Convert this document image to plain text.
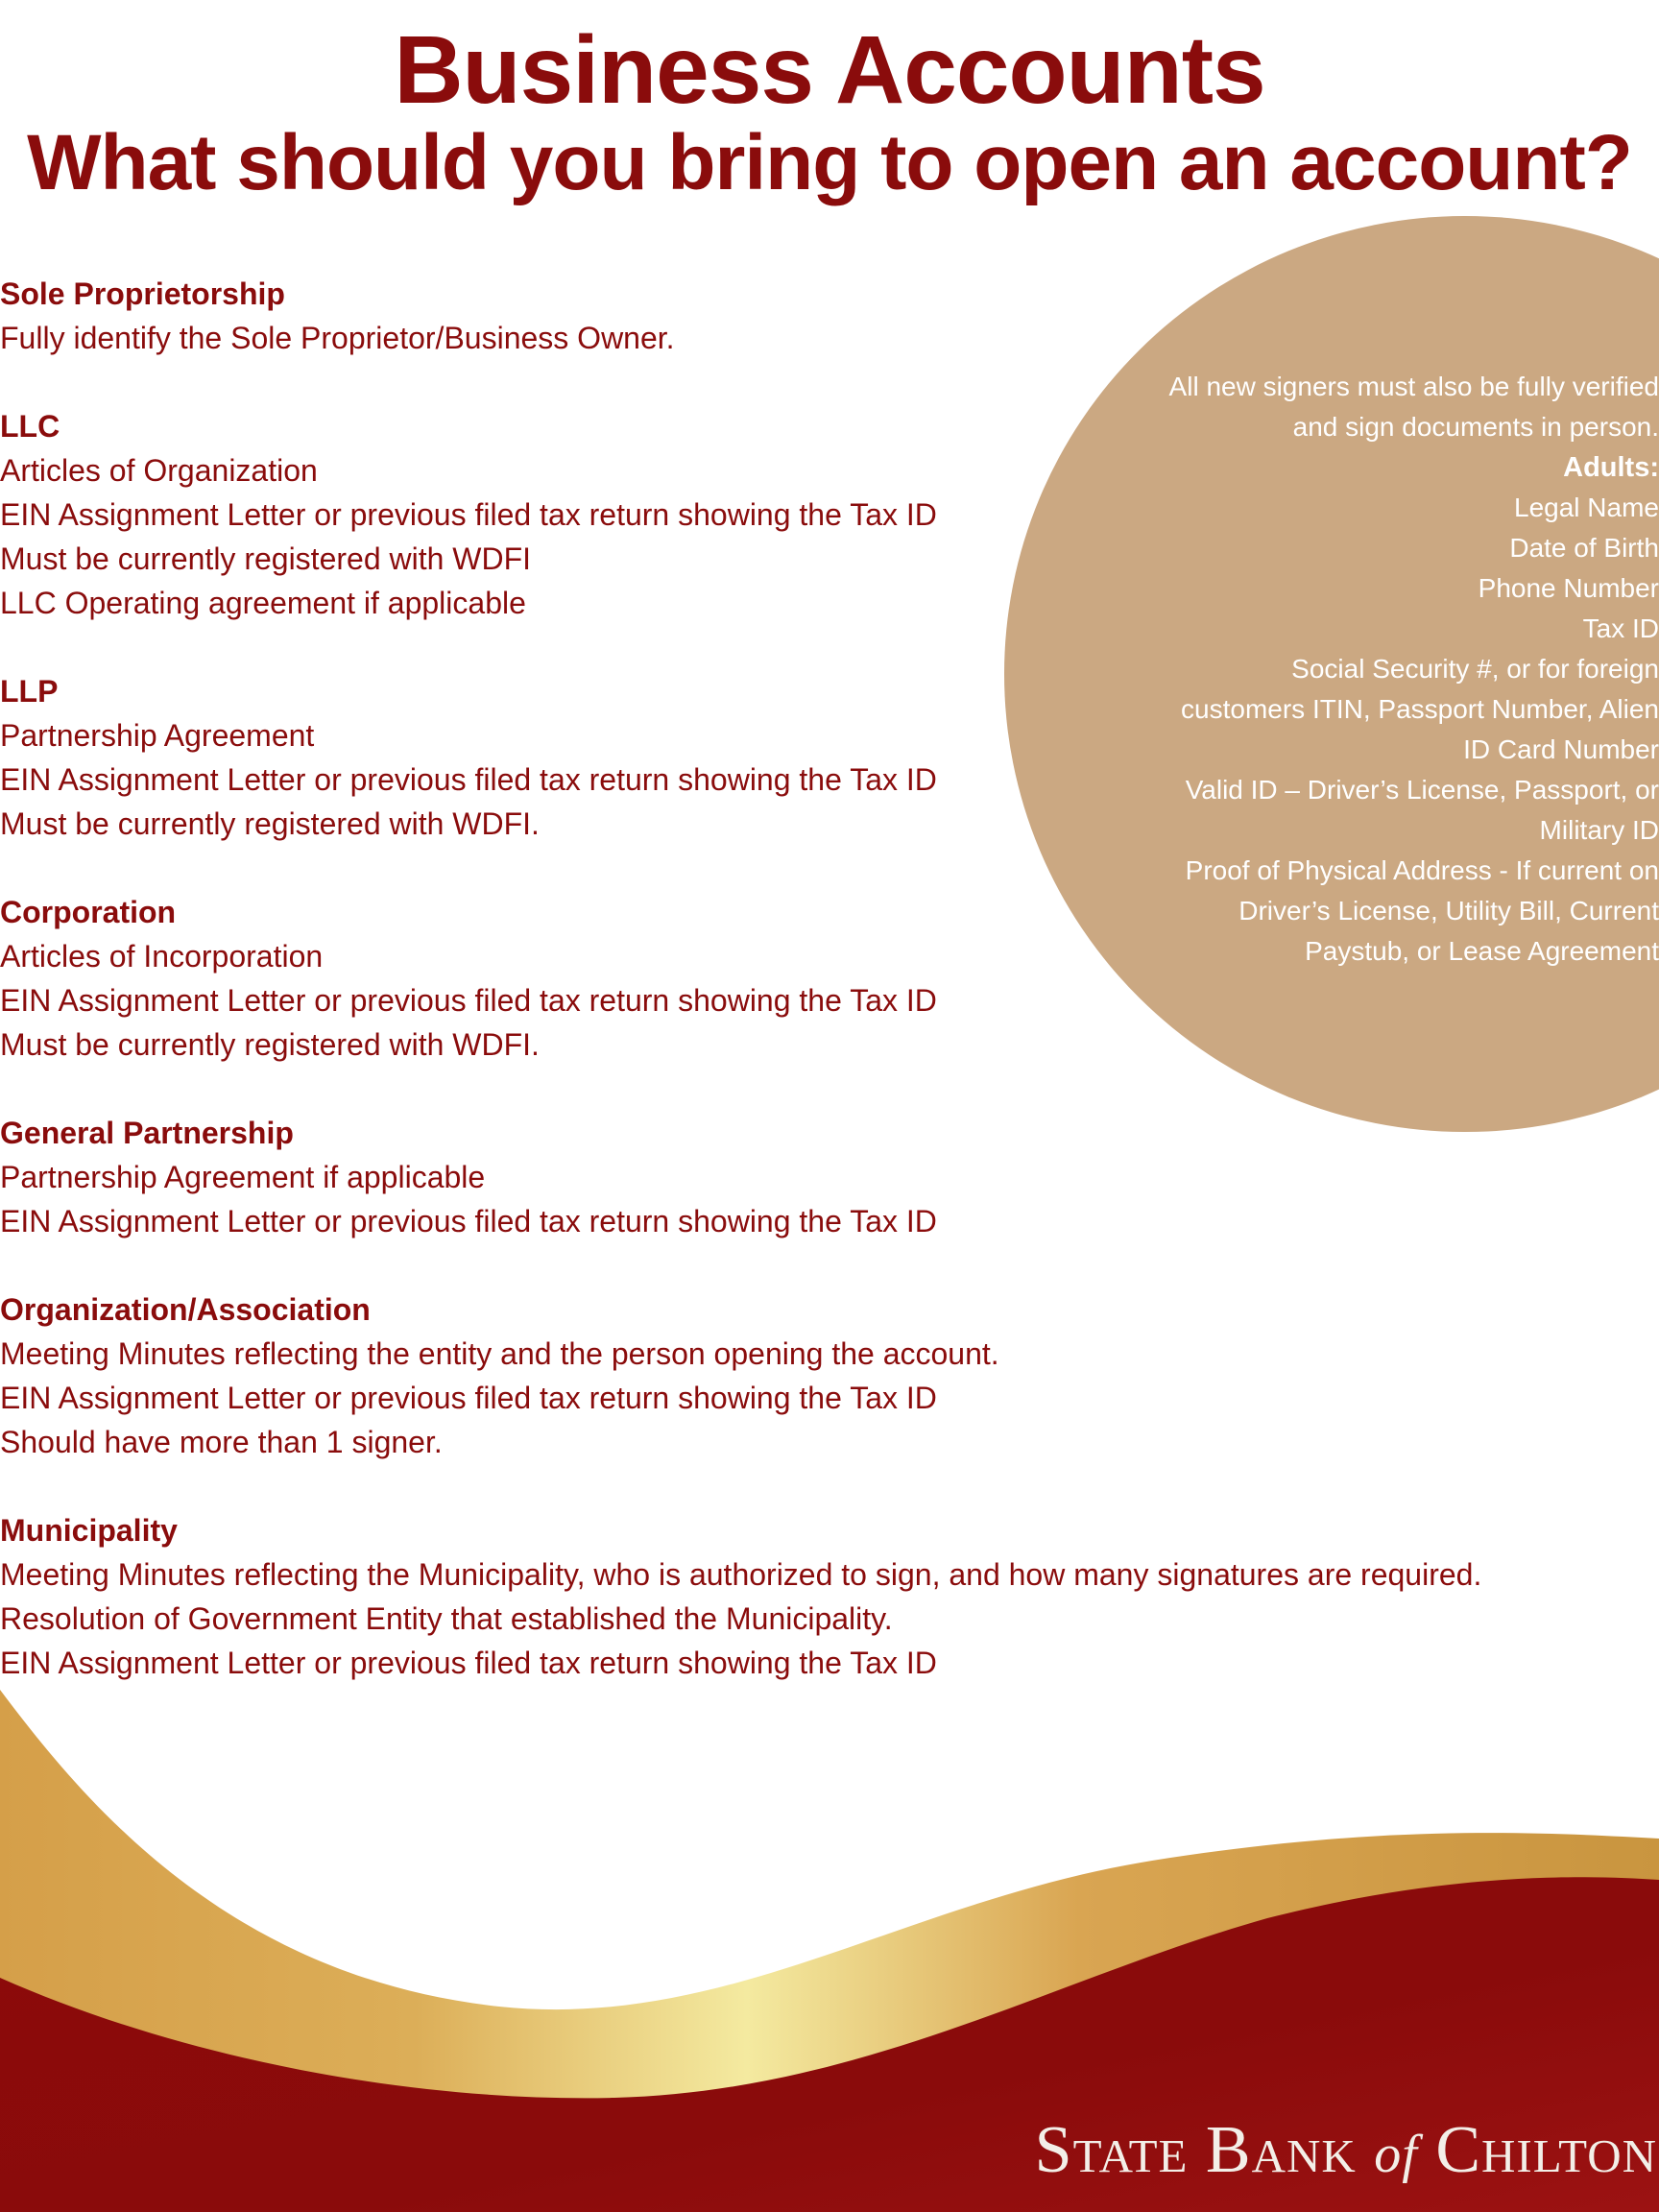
Business Accounts
What should you bring to open an account?
Sole Proprietorship
Fully identify the Sole Proprietor/Business Owner.
LLC
Articles of Organization
EIN Assignment Letter or previous filed tax return showing the Tax ID
Must be currently registered with WDFI
LLC Operating agreement if applicable
LLP
Partnership Agreement
EIN Assignment Letter or previous filed tax return showing the Tax ID
Must be currently registered with WDFI.
Corporation
Articles of Incorporation
EIN Assignment Letter or previous filed tax return showing the Tax ID
Must be currently registered with WDFI.
General Partnership
Partnership Agreement if applicable
EIN Assignment Letter or previous filed tax return showing the Tax ID
Organization/Association
Meeting Minutes reflecting the entity and the person opening the account.
EIN Assignment Letter or previous filed tax return showing the Tax ID
Should have more than 1 signer.
Municipality
Meeting Minutes reflecting the Municipality, who is authorized to sign, and how many signatures are required.
Resolution of Government Entity that established the Municipality.
EIN Assignment Letter or previous filed tax return showing the Tax ID
All new signers must also be fully verified
and sign documents in person.
Adults:
Legal Name
Date of Birth
Phone Number
Tax ID
Social Security #, or for foreign
customers ITIN, Passport Number, Alien
ID Card Number
Valid ID – Driver’s License, Passport, or
Military ID
Proof of Physical Address - If current on
Driver’s License, Utility Bill, Current
Paystub, or Lease Agreement
State Bank of Chilton
